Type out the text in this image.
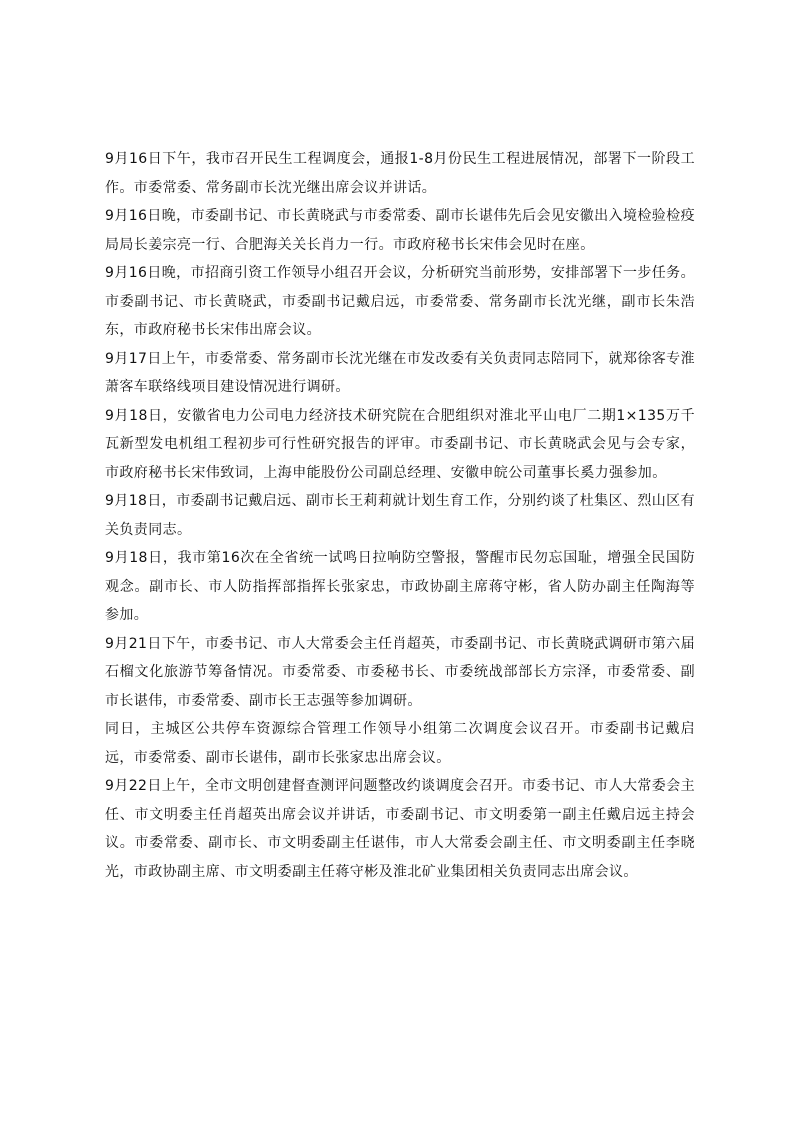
9月16日下午，我市召开民生工程调度会，通报1-8月份民生工程进展情况，部署下一阶段工作。市委常委、常务副市长沈光继出席会议并讲话。

9月16日晚，市委副书记、市长黄晓武与市委常委、副市长谌伟先后会见安徽出入境检验检疫局局长姜宗亮一行、合肥海关关长肖力一行。市政府秘书长宋伟会见时在座。

9月16日晚，市招商引资工作领导小组召开会议，分析研究当前形势，安排部署下一步任务。市委副书记、市长黄晓武，市委副书记戴启远，市委常委、常务副市长沈光继，副市长朱浩东，市政府秘书长宋伟出席会议。

9月17日上午，市委常委、常务副市长沈光继在市发改委有关负责同志陪同下，就郑徐客专淮萧客车联络线项目建设情况进行调研。

9月18日，安徽省电力公司电力经济技术研究院在合肥组织对淮北平山电厂二期1×135万千瓦新型发电机组工程初步可行性研究报告的评审。市委副书记、市长黄晓武会见与会专家，市政府秘书长宋伟致词，上海申能股份公司副总经理、安徽申皖公司董事长奚力强参加。

9月18日，市委副书记戴启远、副市长王莉莉就计划生育工作，分别约谈了杜集区、烈山区有关负责同志。

9月18日，我市第16次在全省统一试鸣日拉响防空警报，警醒市民勿忘国耻，增强全民国防观念。副市长、市人防指挥部指挥长张家忠，市政协副主席蒋守彬，省人防办副主任陶海等参加。

9月21日下午，市委书记、市人大常委会主任肖超英，市委副书记、市长黄晓武调研市第六届石榴文化旅游节筹备情况。市委常委、市委秘书长、市委统战部部长方宗泽，市委常委、副市长谌伟，市委常委、副市长王志强等参加调研。

同日，主城区公共停车资源综合管理工作领导小组第二次调度会议召开。市委副书记戴启远，市委常委、副市长谌伟，副市长张家忠出席会议。

9月22日上午，全市文明创建督查测评问题整改约谈调度会召开。市委书记、市人大常委会主任、市文明委主任肖超英出席会议并讲话，市委副书记、市文明委第一副主任戴启远主持会议。市委常委、副市长、市文明委副主任谌伟，市人大常委会副主任、市文明委副主任李晓光，市政协副主席、市文明委副主任蒋守彬及淮北矿业集团相关负责同志出席会议。
